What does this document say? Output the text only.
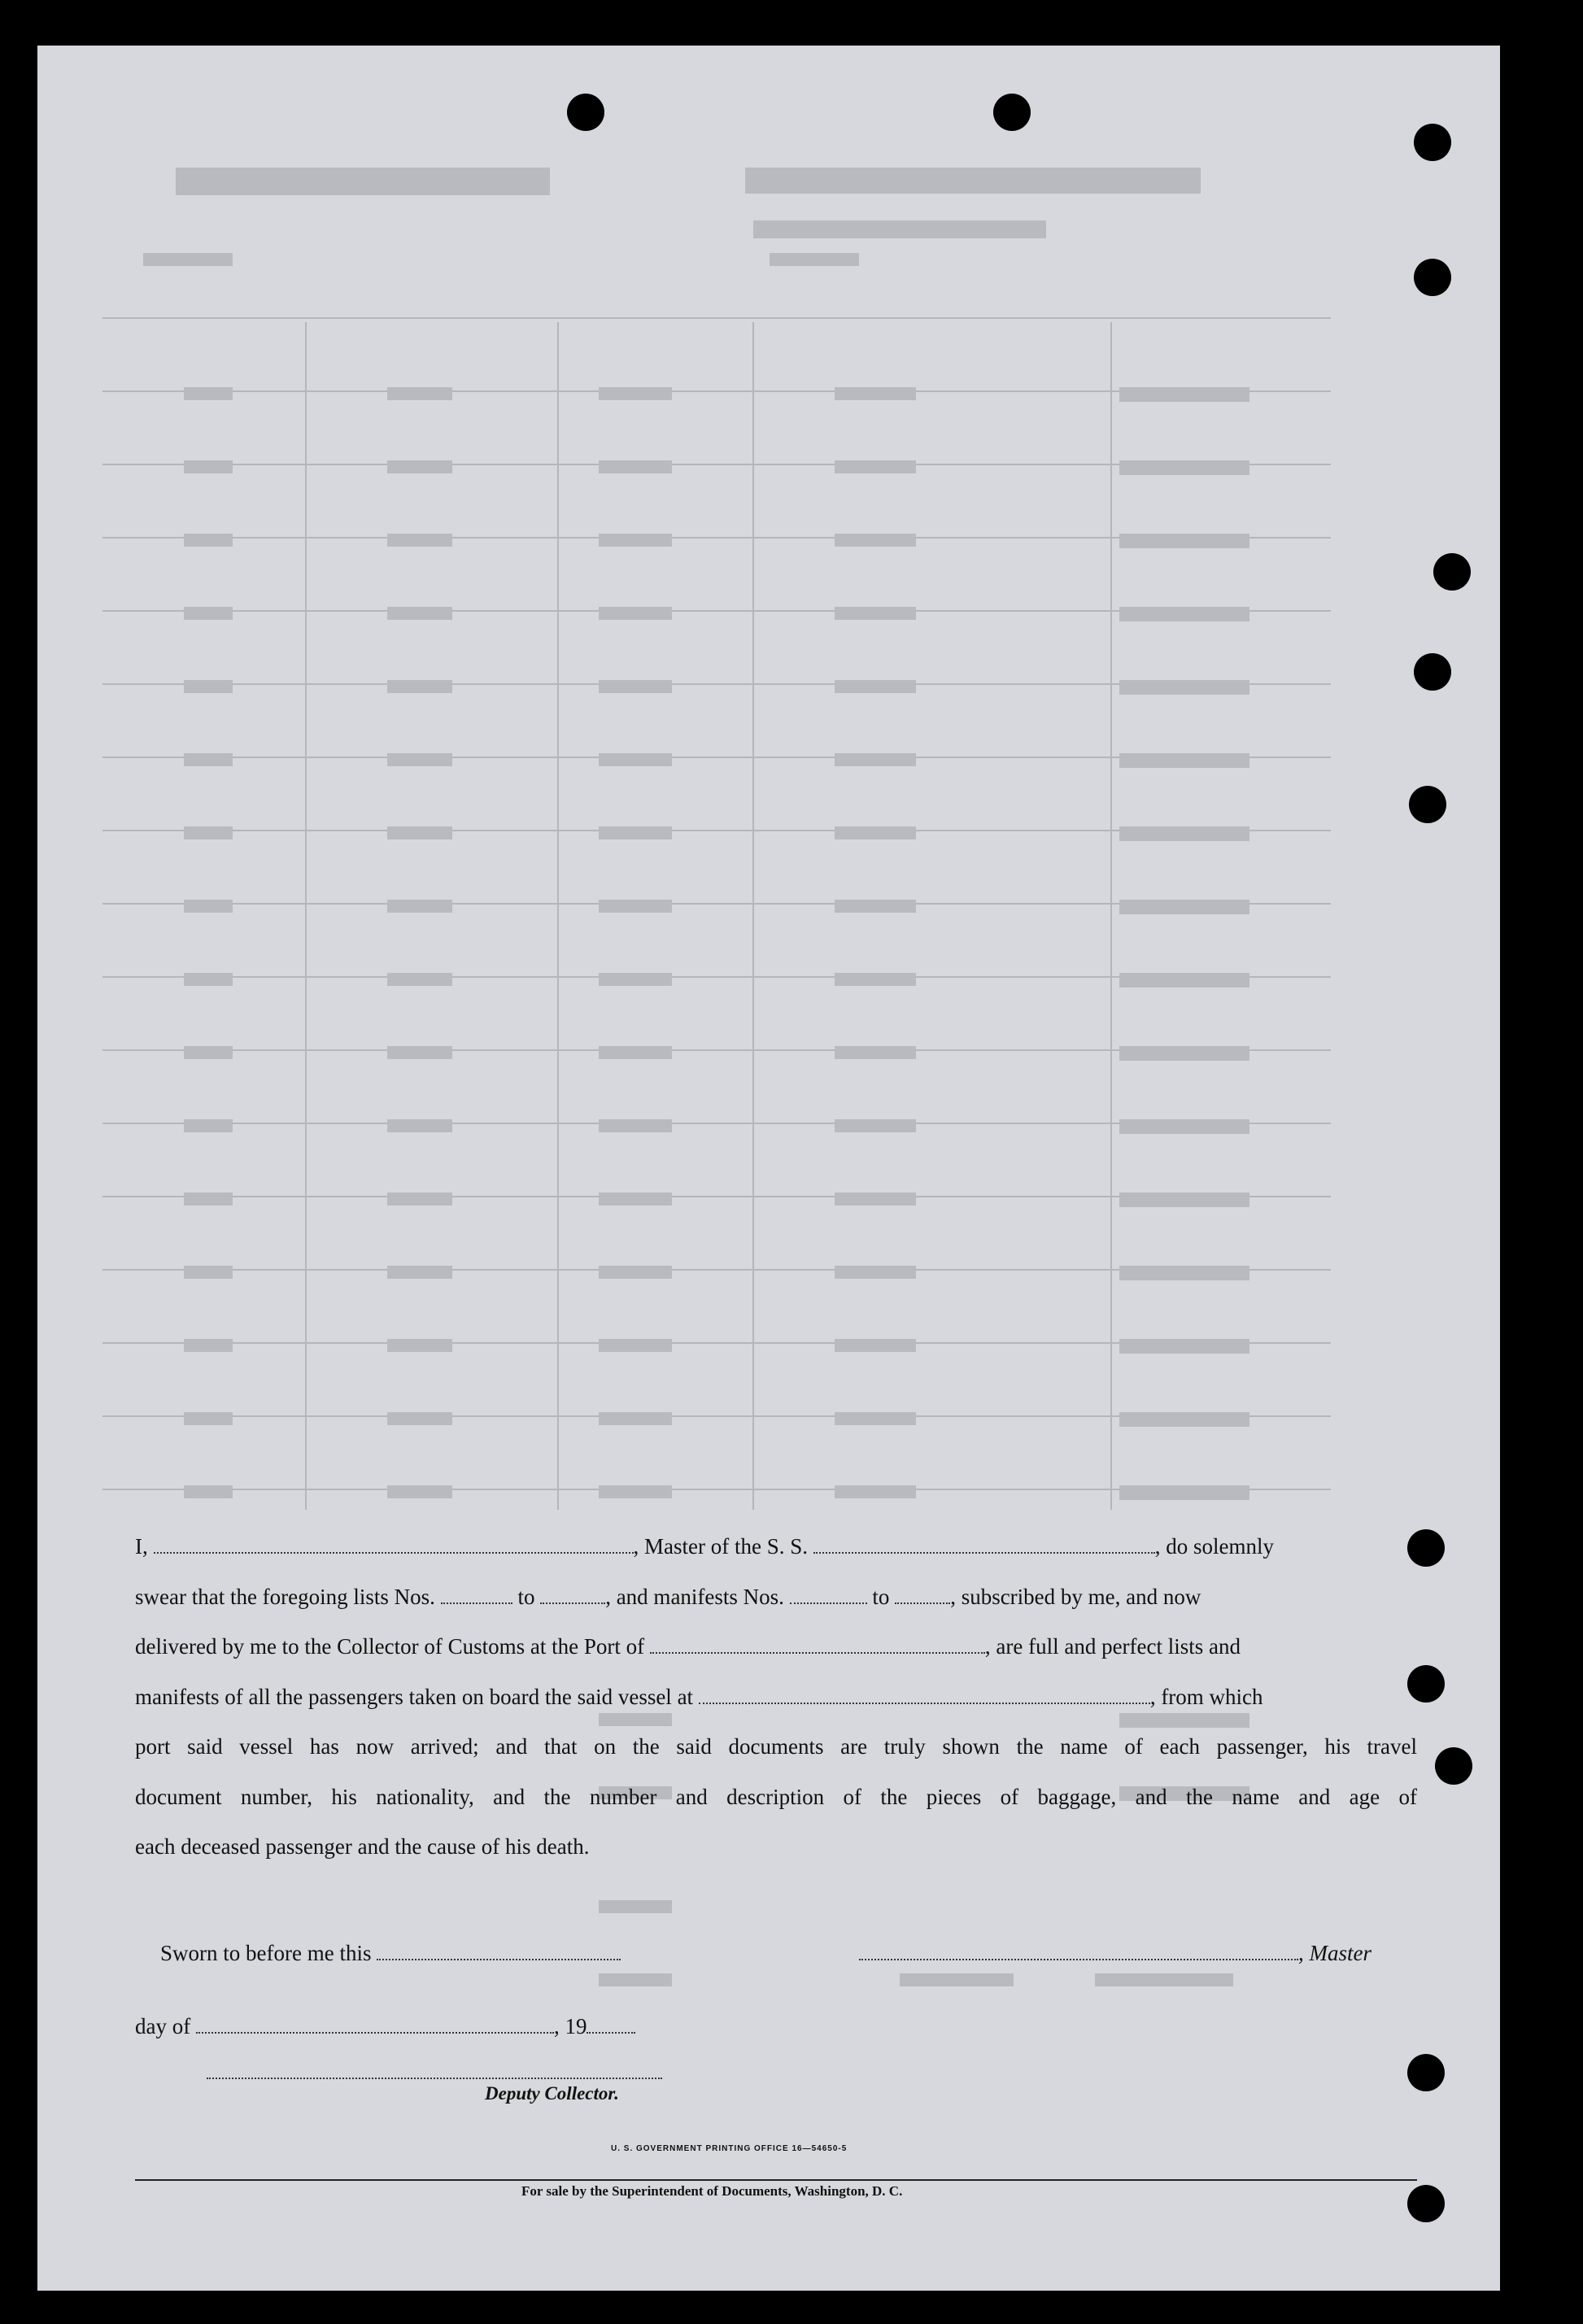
I,	, Master of the S. S.	, do solemnly
swear that the foregoing lists Nos.	to	, and manifests Nos.	to	, subscribed by me, and now
delivered by me to the Collector of Customs at the Port of	, are full and perfect lists and
manifests of all the passengers taken on board the said vessel at	, from which
port said vessel has now arrived; and that on the said documents are truly shown the name of each passenger, his travel
document number, his nationality, and the number and description of the pieces of baggage, and the name and age of
each deceased passenger and the cause of his death.
Sworn to before me this	, Master
day of	, 19
Deputy Collector.
U. S. GOVERNMENT PRINTING OFFICE 16—54650-5
For sale by the Superintendent of Documents, Washington, D. C.
